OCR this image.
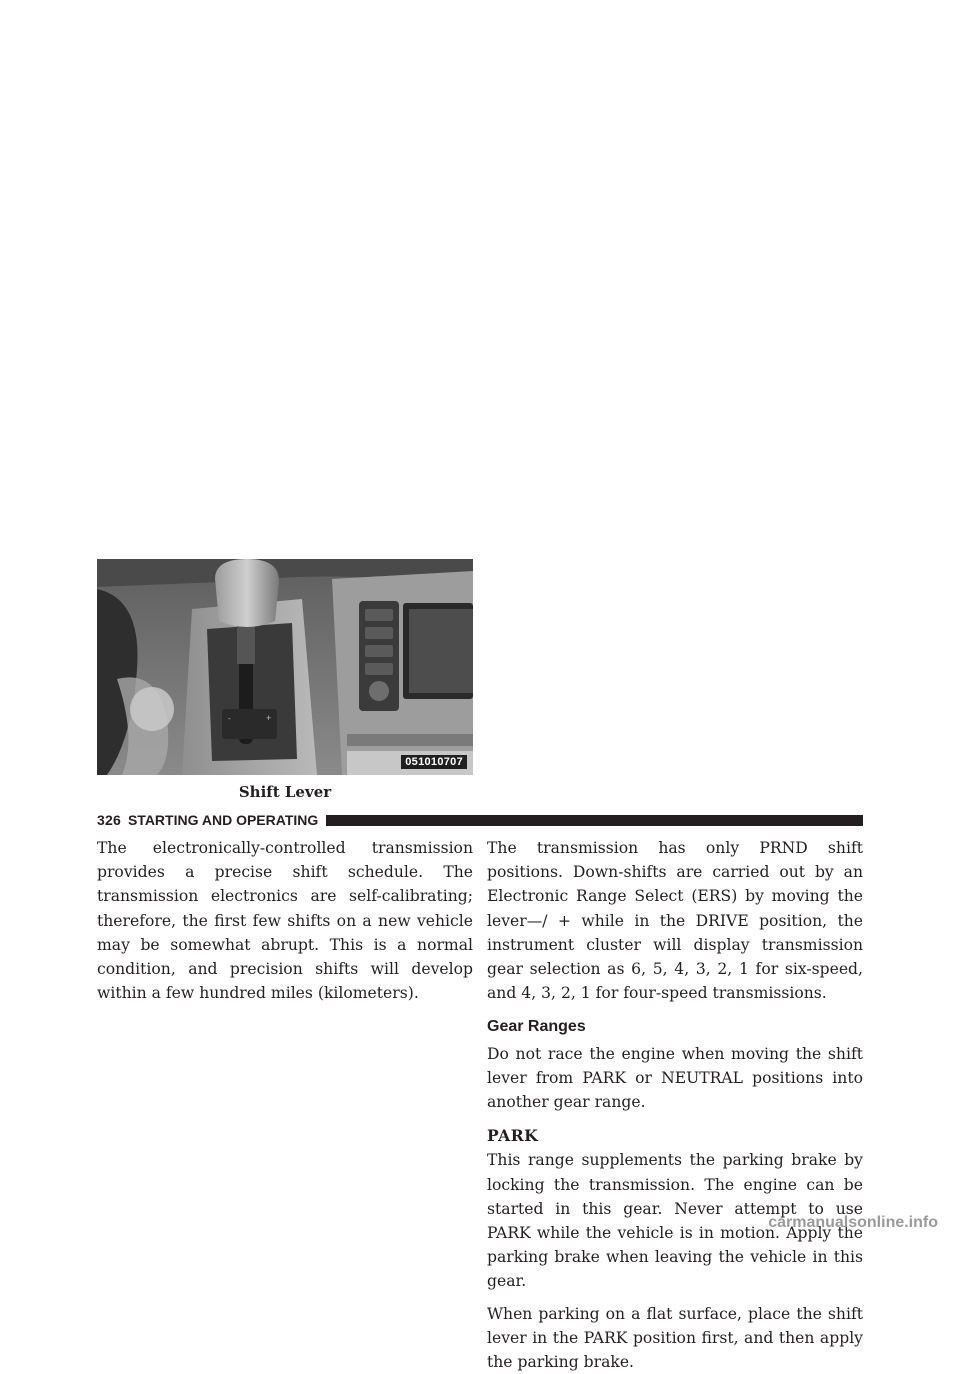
326 STARTING AND OPERATING

The electronically-controlled transmission provides a precise shift schedule. The transmission electronics are self-calibrating; therefore, the first few shifts on a new vehicle may be somewhat abrupt. This is a normal condition, and precision shifts will develop within a few hundred miles (kilometers).

-	+
051010707
Shift Lever

The transmission has only PRND shift positions. Down-shifts are carried out by an Electronic Range Select (ERS) by moving the lever—/ + while in the DRIVE position, the instrument cluster will display transmission gear selection as 6, 5, 4, 3, 2, 1 for six-speed, and 4, 3, 2, 1 for four-speed transmissions.

Gear Ranges

Do not race the engine when moving the shift lever from PARK or NEUTRAL positions into another gear range.

PARK

This range supplements the parking brake by locking the transmission. The engine can be started in this gear. Never attempt to use PARK while the vehicle is in motion. Apply the parking brake when leaving the vehicle in this gear.

When parking on a flat surface, place the shift lever in the PARK position first, and then apply the parking brake.

carmanualsonline.info
